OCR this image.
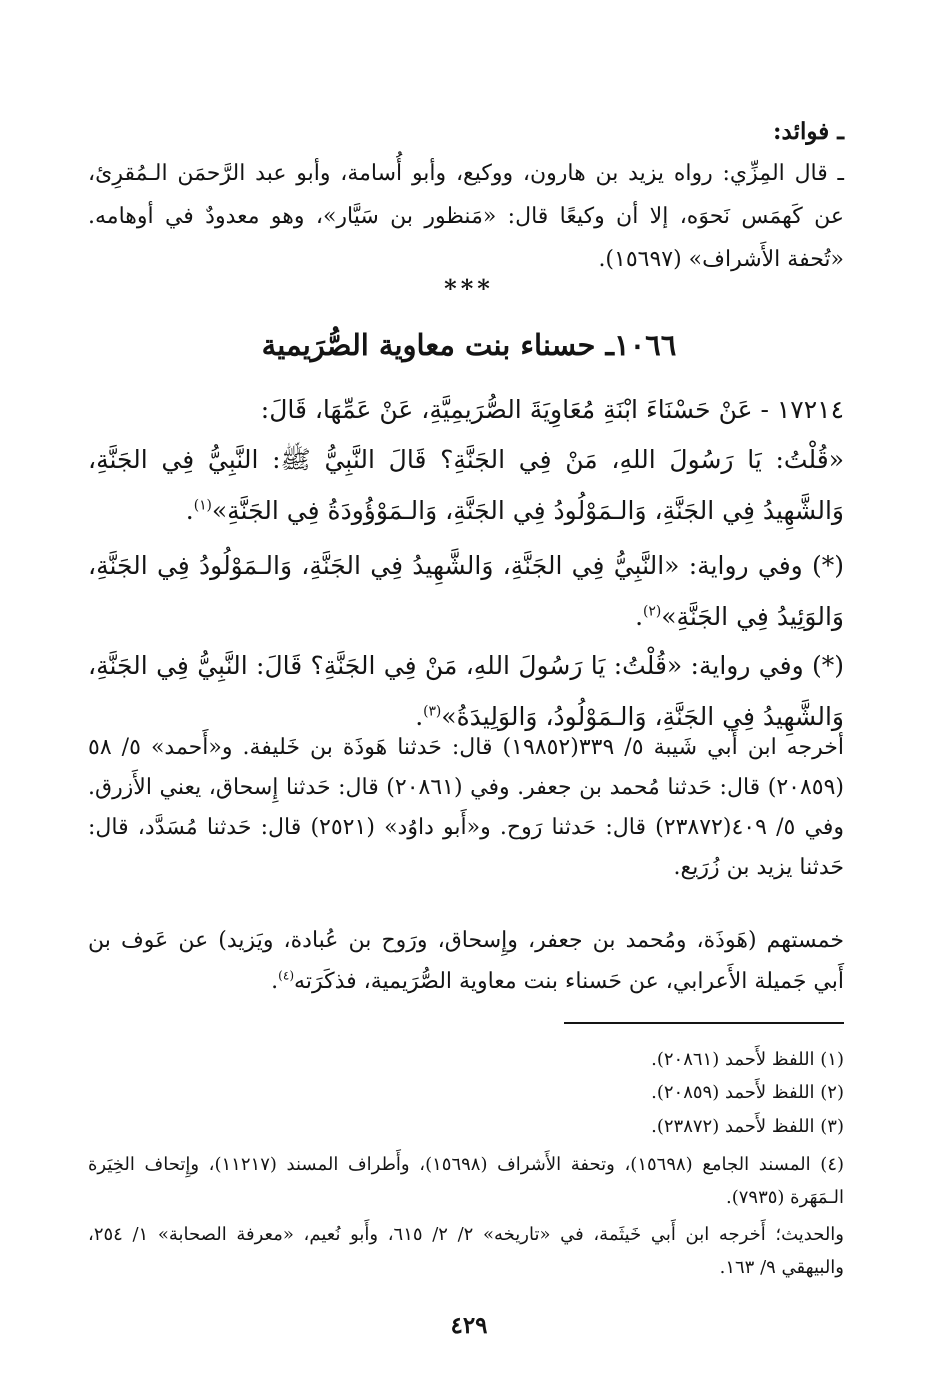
ـ فوائد:
ـ قال المِزِّي: رواه يزيد بن هارون، ووكيع، وأبو أُسامة، وأبو عبد الرَّحمَن الـمُقرِئ، عن كَهمَس نَحوَه، إلا أن وكيعًا قال: «مَنظور بن سَيَّار»، وهو معدودٌ في أوهامه. «تُحفة الأَشراف» (١٥٦٩٧).
***
١٠٦٦ـ حسناء بنت معاوية الصُّرَيمية
١٧٢١٤ - عَنْ حَسْنَاءَ ابْنَةِ مُعَاوِيَةَ الصُّرَيمِيَّةِ، عَنْ عَمِّهَا، قَالَ:
«قُلْتُ: يَا رَسُولَ اللهِ، مَنْ فِي الجَنَّةِ؟ قَالَ النَّبِيُّ ﷺ: النَّبِيُّ فِي الجَنَّةِ، وَالشَّهِيدُ فِي الجَنَّةِ، وَالـمَوْلُودُ فِي الجَنَّةِ، وَالـمَوْؤُودَةُ فِي الجَنَّةِ»$^{(١)}$.
(*) وفي رواية: «النَّبِيُّ فِي الجَنَّةِ، وَالشَّهِيدُ فِي الجَنَّةِ، وَالـمَوْلُودُ فِي الجَنَّةِ، وَالوَئِيدُ فِي الجَنَّةِ»$^{(٢)}$.
(*) وفي رواية: «قُلْتُ: يَا رَسُولَ اللهِ، مَنْ فِي الجَنَّةِ؟ قَالَ: النَّبِيُّ فِي الجَنَّةِ، وَالشَّهِيدُ فِي الجَنَّةِ، وَالـمَوْلُودُ، وَالوَلِيدَةُ»$^{(٣)}$.
أخرجه ابن أَبي شَيبة ٥/ ٣٣٩(١٩٨٥٢) قال: حَدثنا هَوذَة بن خَليفة. و«أَحمد» ٥/ ٥٨ (٢٠٨٥٩) قال: حَدثنا مُحمد بن جعفر. وفي (٢٠٨٦١) قال: حَدثنا إِسحاق، يعني الأَزرق. وفي ٥/ ٤٠٩(٢٣٨٧٢) قال: حَدثنا رَوح. و«أَبو داوُد» (٢٥٢١) قال: حَدثنا مُسَدَّد، قال: حَدثنا يزيد بن زُرَيع.
خمستهم (هَوذَة، ومُحمد بن جعفر، وإِسحاق، ورَوح بن عُبادة، ويَزيد) عن عَوف بن أَبي جَميلة الأَعرابي، عن حَسناء بنت معاوية الصُّرَيمية، فذكَرَته$^{(٤)}$.
(١) اللفظ لأَحمد (٢٠٨٦١).
(٢) اللفظ لأَحمد (٢٠٨٥٩).
(٣) اللفظ لأَحمد (٢٣٨٧٢).
(٤) المسند الجامع (١٥٦٩٨)، وتحفة الأَشراف (١٥٦٩٨)، وأَطراف المسند (١١٢١٧)، وإِتحاف الخِيَرة الـمَهَرة (٧٩٣٥).
والحديث؛ أَخرجه ابن أَبي خَيثَمة، في «تاريخه» ٢/ ٢/ ٦١٥، وأَبو نُعيم، «معرفة الصحابة» ١/ ٢٥٤، والبيهقي ٩/ ١٦٣.
٤٢٩
